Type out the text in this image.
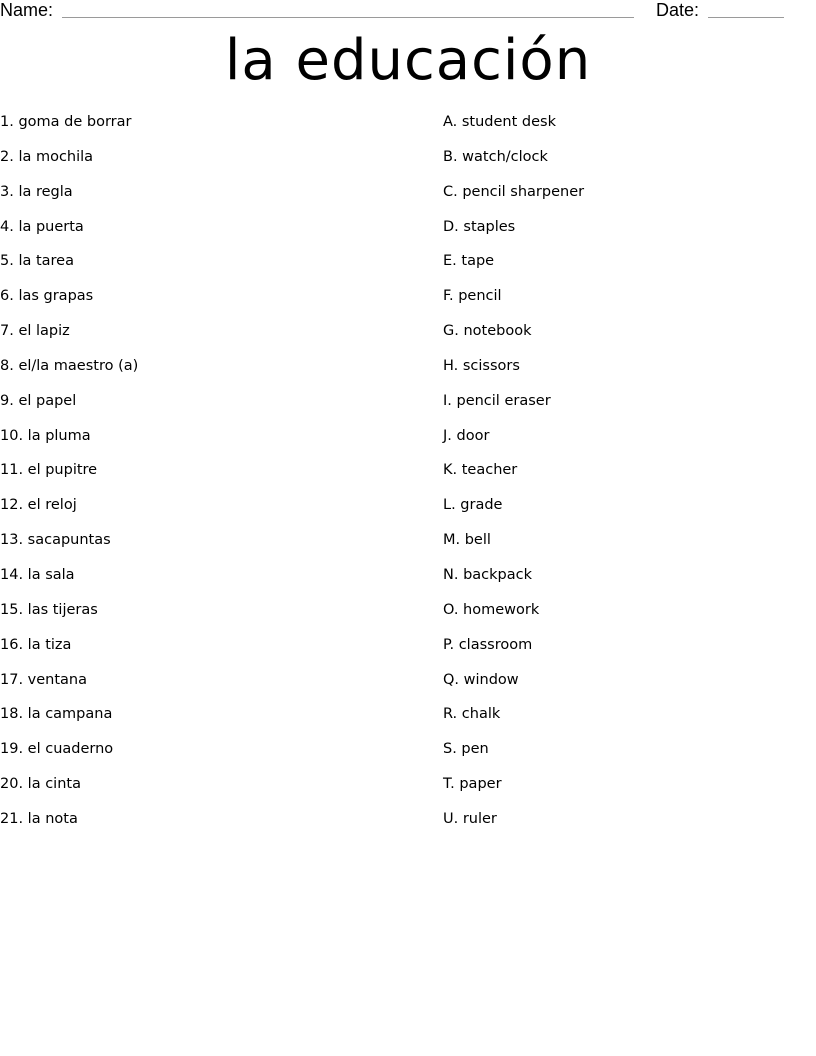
Name:	Date:
la educación
1. goma de borrar
2. la mochila
3. la regla
4. la puerta
5. la tarea
6. las grapas
7. el lapiz
8. el/la maestro (a)
9. el papel
10. la pluma
11. el pupitre
12. el reloj
13. sacapuntas
14. la sala
15. las tijeras
16. la tiza
17. ventana
18. la campana
19. el cuaderno
20. la cinta
21. la nota
A. student desk
B. watch/clock
C. pencil sharpener
D. staples
E. tape
F. pencil
G. notebook
H. scissors
I. pencil eraser
J. door
K. teacher
L. grade
M. bell
N. backpack
O. homework
P. classroom
Q. window
R. chalk
S. pen
T. paper
U. ruler
